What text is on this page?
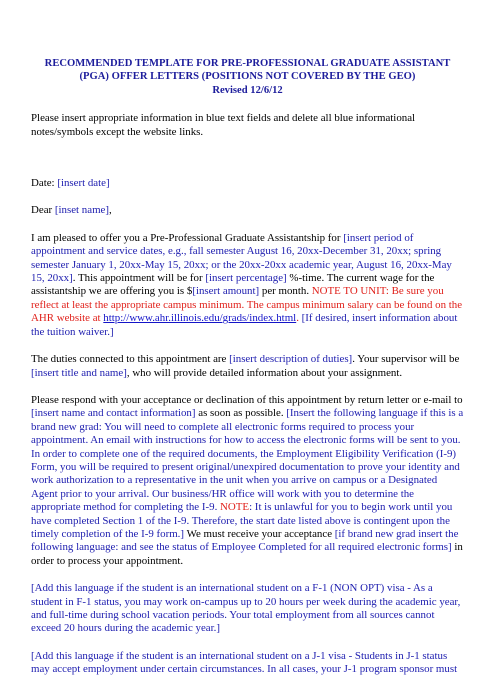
RECOMMENDED TEMPLATE FOR PRE-PROFESSIONAL GRADUATE ASSISTANT
(PGA) OFFER LETTERS (POSITIONS NOT COVERED BY THE GEO)
Revised 12/6/12

Please insert appropriate information in blue text fields and delete all blue informational notes/symbols except the website links.

Date: [insert date]

Dear [inset name],

I am pleased to offer you a Pre-Professional Graduate Assistantship for [insert period of appointment and service dates, e.g., fall semester August 16, 20xx-December 31, 20xx; spring semester January 1, 20xx-May 15, 20xx; or the 20xx-20xx academic year, August 16, 20xx-May 15, 20xx]. This appointment will be for [insert percentage] %-time. The current wage for the assistantship we are offering you is $[insert amount] per month. NOTE TO UNIT: Be sure you reflect at least the appropriate campus minimum. The campus minimum salary can be found on the AHR website at http://www.ahr.illinois.edu/grads/index.html. [If desired, insert information about the tuition waiver.]

The duties connected to this appointment are [insert description of duties]. Your supervisor will be [insert title and name], who will provide detailed information about your assignment.

Please respond with your acceptance or declination of this appointment by return letter or e-mail to [insert name and contact information] as soon as possible. [Insert the following language if this is a brand new grad: You will need to complete all electronic forms required to process your appointment. An email with instructions for how to access the electronic forms will be sent to you. In order to complete one of the required documents, the Employment Eligibility Verification (I-9) Form, you will be required to present original/unexpired documentation to prove your identity and work authorization to a representative in the unit when you arrive on campus or a Designated Agent prior to your arrival. Our business/HR office will work with you to determine the appropriate method for completing the I-9. NOTE: It is unlawful for you to begin work until you have completed Section 1 of the I-9. Therefore, the start date listed above is contingent upon the timely completion of the I-9 form.] We must receive your acceptance [if brand new grad insert the following language: and see the status of Employee Completed for all required electronic forms] in order to process your appointment.

[Add this language if the student is an international student on a F-1 (NON OPT) visa - As a student in F-1 status, you may work on-campus up to 20 hours per week during the academic year, and full-time during school vacation periods. Your total employment from all sources cannot exceed 20 hours during the academic year.]

[Add this language if the student is an international student on a J-1 visa - Students in J-1 status may accept employment under certain circumstances. In all cases, your J-1 program sponsor must
